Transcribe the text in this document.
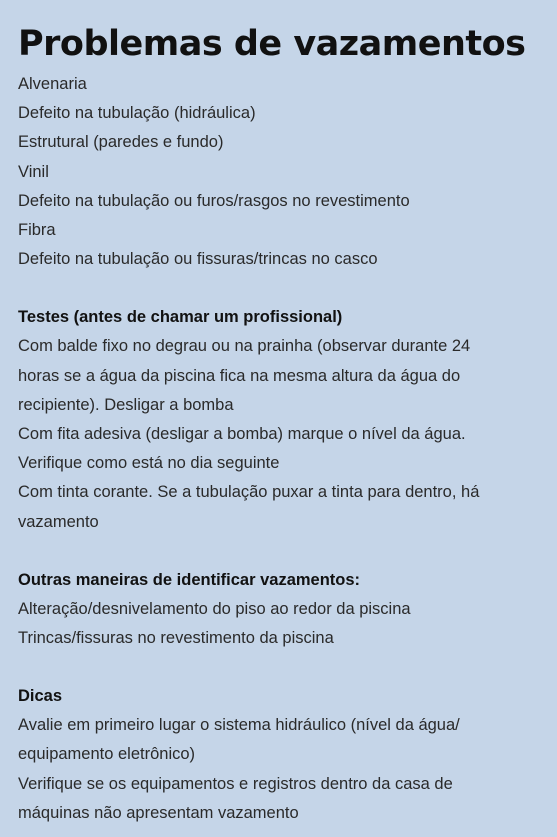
Problemas de vazamentos
Alvenaria
Defeito na tubulação (hidráulica)
Estrutural (paredes e fundo)
Vinil
Defeito na tubulação ou furos/rasgos no revestimento
Fibra
Defeito na tubulação ou fissuras/trincas no casco
Testes (antes de chamar um profissional)
Com balde fixo no degrau ou na prainha (observar durante 24
horas se a água da piscina fica na mesma altura da água do
recipiente). Desligar a bomba
Com fita adesiva (desligar a bomba) marque o nível da água.
Verifique como está no dia seguinte
Com tinta corante. Se a tubulação puxar a tinta para dentro, há
vazamento
Outras maneiras de identificar vazamentos:
Alteração/desnivelamento do piso ao redor da piscina
Trincas/fissuras no revestimento da piscina
Dicas
Avalie em primeiro lugar o sistema hidráulico (nível da água/
equipamento eletrônico)
Verifique se os equipamentos e registros dentro da casa de
máquinas não apresentam vazamento
